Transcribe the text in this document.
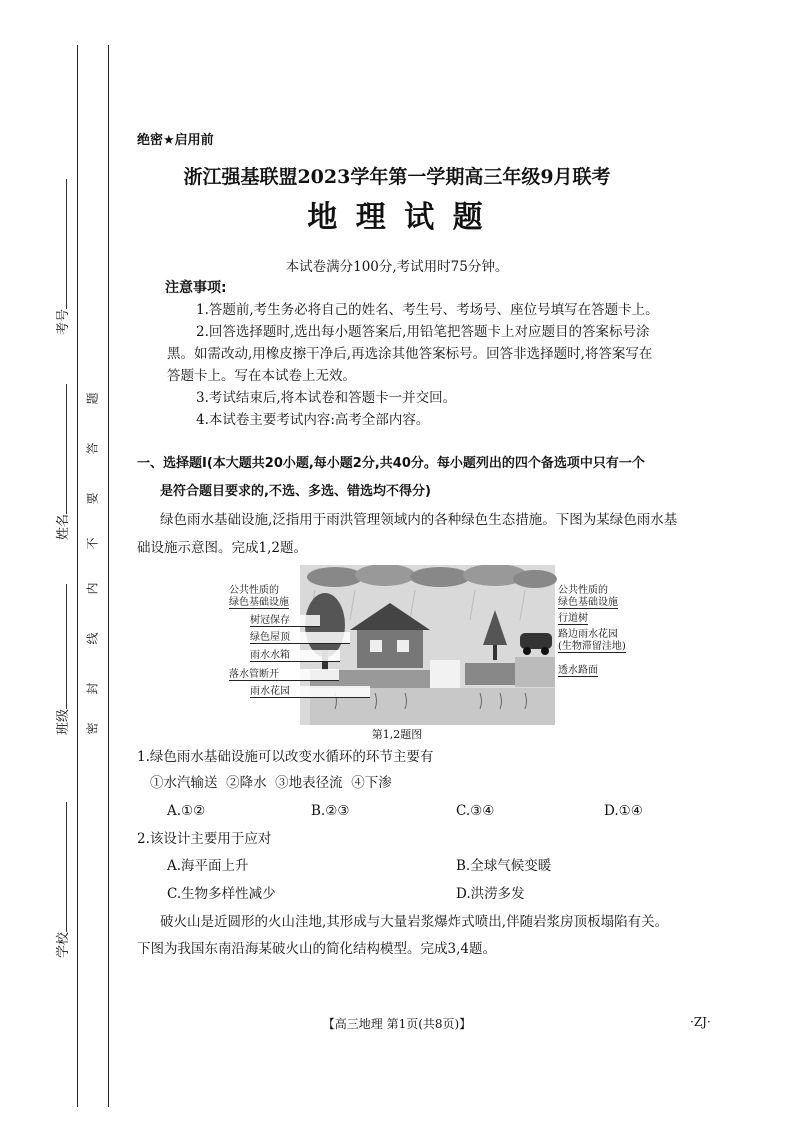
考号
姓名
班级
学校
题
答
要
不
内
线
封
密
绝密★启用前
浙江强基联盟2023学年第一学期高三年级9月联考
地 理 试 题
本试卷满分100分,考试用时75分钟。
注意事项:
1.答题前,考生务必将自己的姓名、考生号、考场号、座位号填写在答题卡上。
2.回答选择题时,选出每小题答案后,用铅笔把答题卡上对应题目的答案标号涂
黑。如需改动,用橡皮擦干净后,再选涂其他答案标号。回答非选择题时,将答案写在
答题卡上。写在本试卷上无效。
3.考试结束后,将本试卷和答题卡一并交回。
4.本试卷主要考试内容:高考全部内容。
一、选择题Ⅰ(本大题共20小题,每小题2分,共40分。每小题列出的四个备选项中只有一个
是符合题目要求的,不选、多选、错选均不得分)
绿色雨水基础设施,泛指用于雨洪管理领域内的各种绿色生态措施。下图为某绿色雨水基
础设施示意图。完成1,2题。
公共性质的
绿色基础设施
树冠保存
绿色屋顶
雨水水箱
落水管断开
雨水花园
公共性质的
绿色基础设施
行道树
路边雨水花园
(生物滞留洼地)
透水路面
第1,2题图
1.绿色雨水基础设施可以改变水循环的环节主要有
①水汽输送  ②降水  ③地表径流  ④下渗
A.①②	B.②③	C.③④	D.①④
2.该设计主要用于应对
A.海平面上升	B.全球气候变暖
C.生物多样性减少	D.洪涝多发
破火山是近圆形的火山洼地,其形成与大量岩浆爆炸式喷出,伴随岩浆房顶板塌陷有关。
下图为我国东南沿海某破火山的简化结构模型。完成3,4题。
【高三地理 第1页(共8页)】	·ZJ·
